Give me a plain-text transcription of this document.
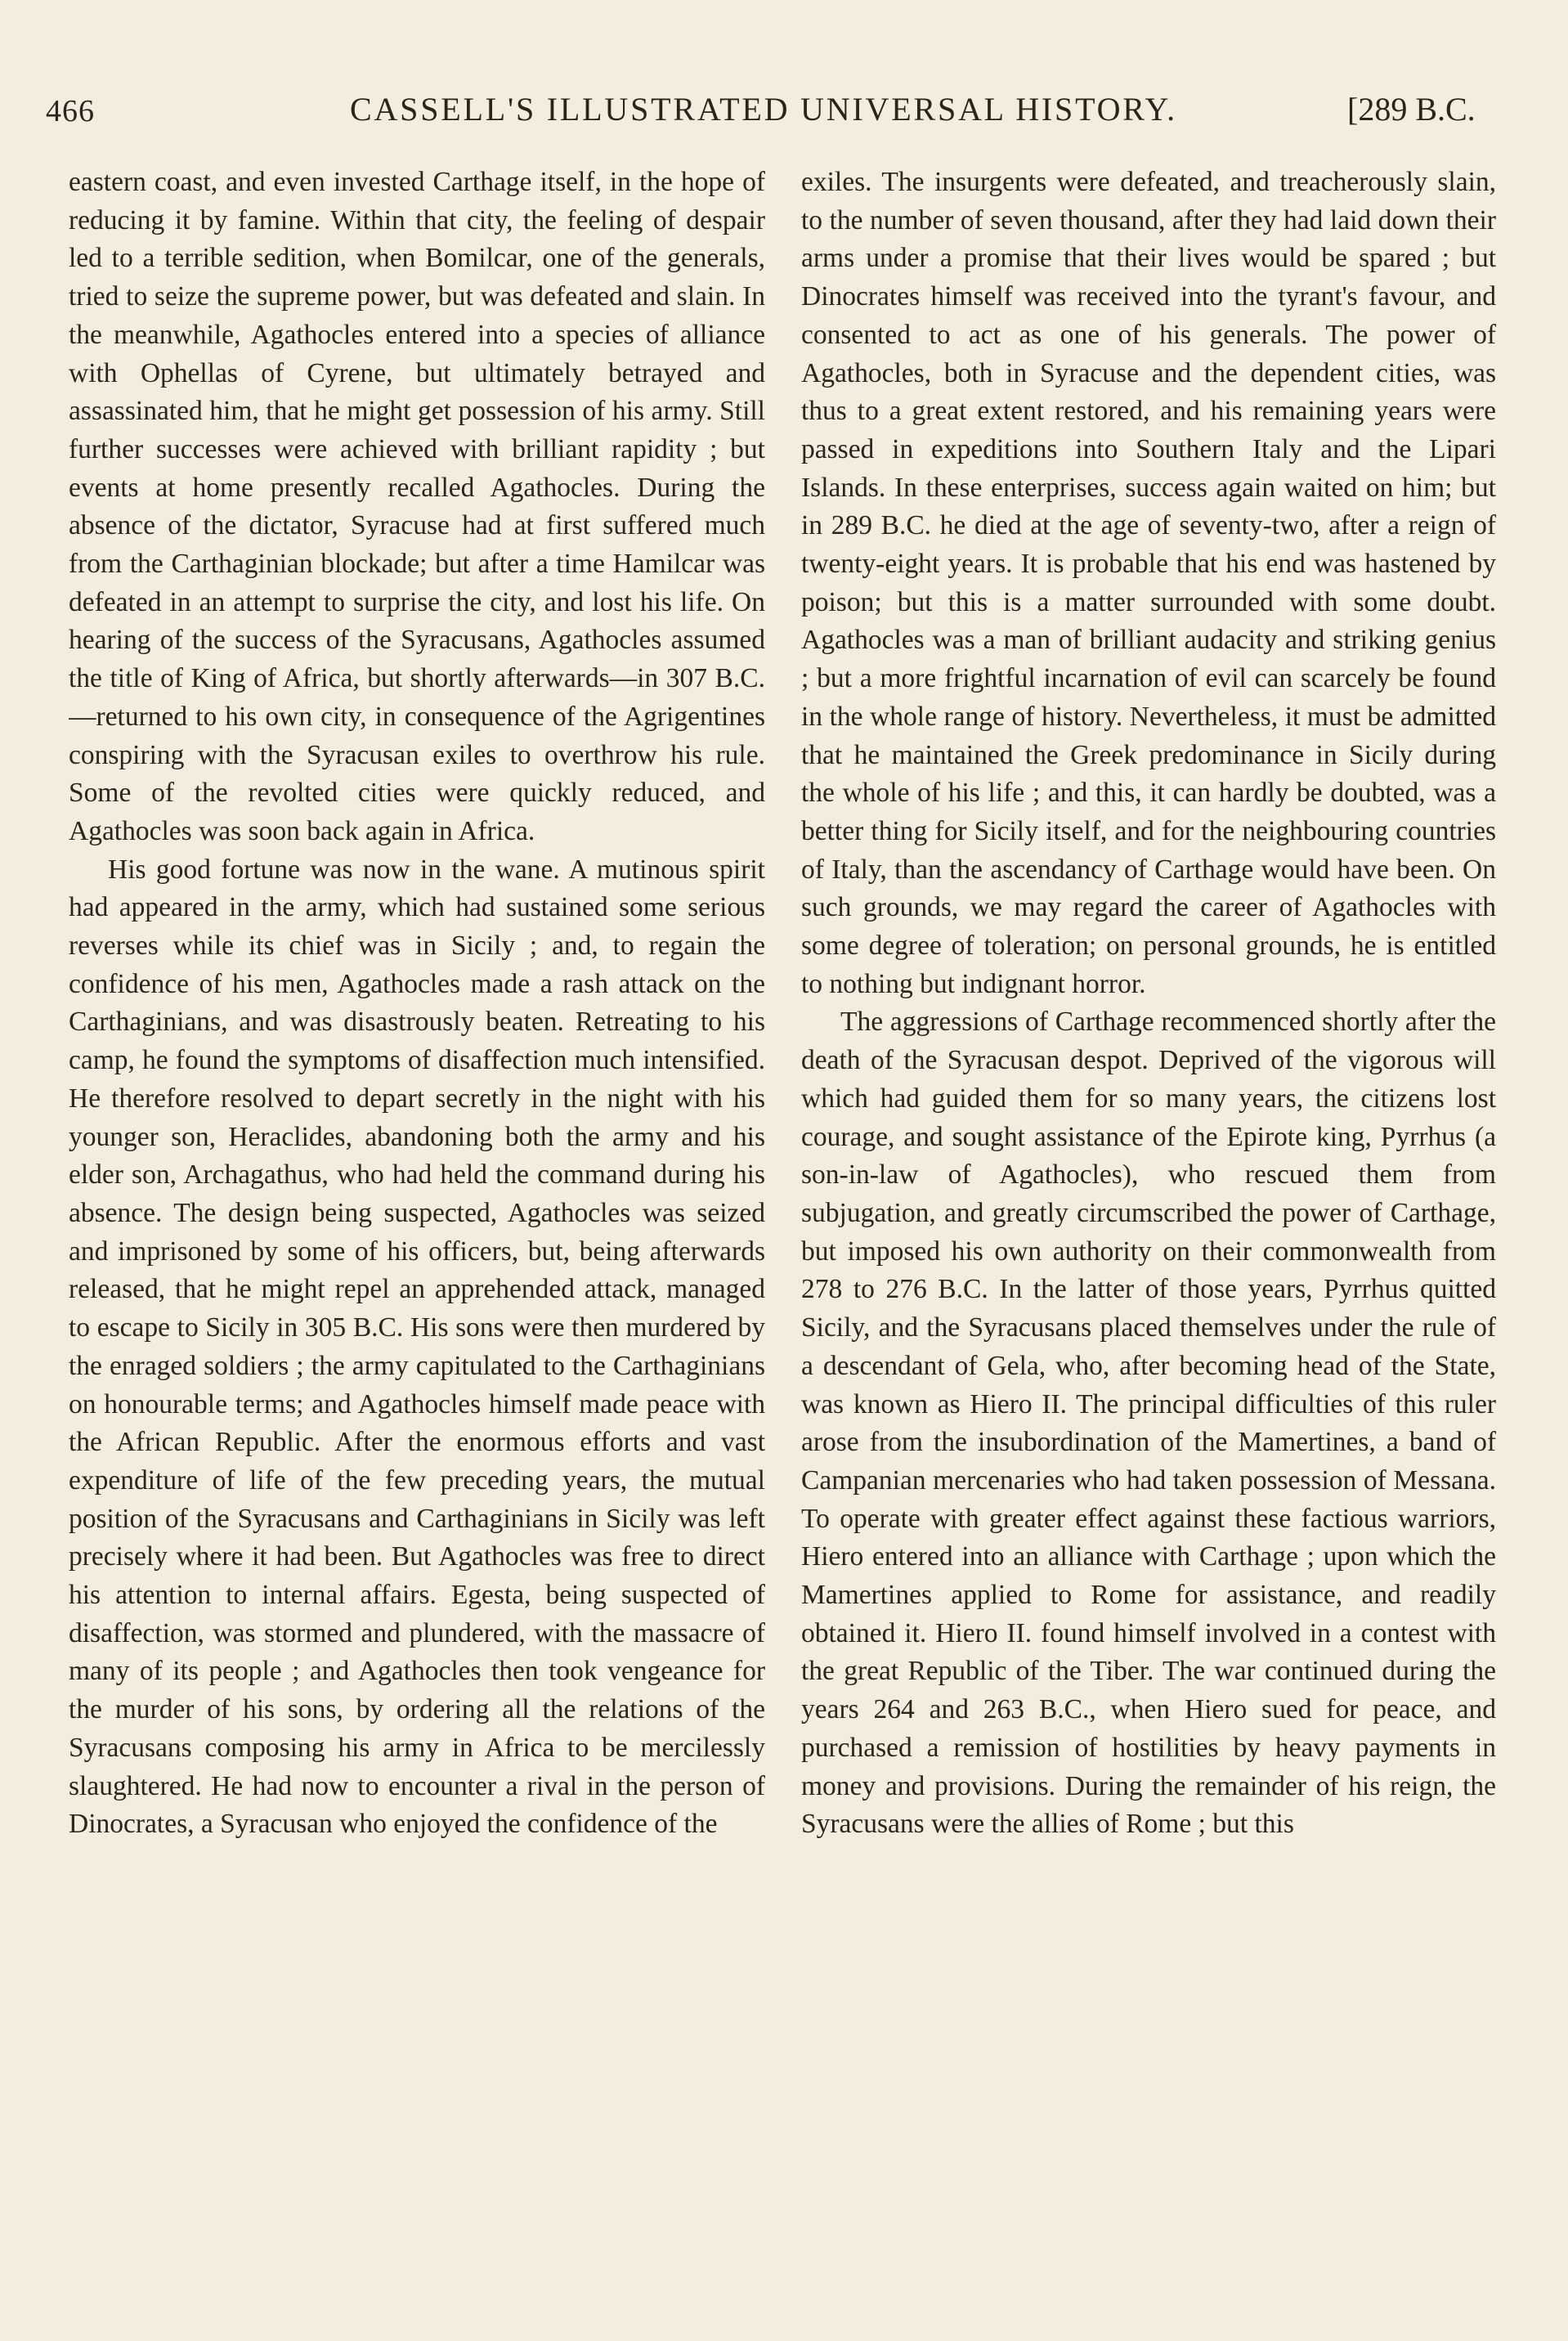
466	CASSELL'S ILLUSTRATED UNIVERSAL HISTORY.	[289 B.C.

eastern coast, and even invested Carthage itself, in the hope of reducing it by famine. Within that city, the feeling of despair led to a terrible sedition, when Bomilcar, one of the generals, tried to seize the supreme power, but was defeated and slain. In the meanwhile, Agathocles entered into a species of alliance with Ophellas of Cyrene, but ultimately betrayed and assassinated him, that he might get possession of his army. Still further successes were achieved with brilliant rapidity ; but events at home presently recalled Agathocles. During the absence of the dictator, Syracuse had at first suffered much from the Carthaginian blockade; but after a time Hamilcar was defeated in an attempt to surprise the city, and lost his life. On hearing of the success of the Syracusans, Agathocles assumed the title of King of Africa, but shortly afterwards—in 307 B.C.—returned to his own city, in consequence of the Agrigentines conspiring with the Syracusan exiles to overthrow his rule. Some of the revolted cities were quickly reduced, and Agathocles was soon back again in Africa.

His good fortune was now in the wane. A mutinous spirit had appeared in the army, which had sustained some serious reverses while its chief was in Sicily ; and, to regain the confidence of his men, Agathocles made a rash attack on the Carthaginians, and was disastrously beaten. Retreating to his camp, he found the symptoms of disaffection much intensified. He therefore resolved to depart secretly in the night with his younger son, Heraclides, abandoning both the army and his elder son, Archagathus, who had held the command during his absence. The design being suspected, Agathocles was seized and imprisoned by some of his officers, but, being afterwards released, that he might repel an apprehended attack, managed to escape to Sicily in 305 B.C. His sons were then murdered by the enraged soldiers ; the army capitulated to the Carthaginians on honourable terms; and Agathocles himself made peace with the African Republic. After the enormous efforts and vast expenditure of life of the few preceding years, the mutual position of the Syracusans and Carthaginians in Sicily was left precisely where it had been. But Agathocles was free to direct his attention to internal affairs. Egesta, being suspected of disaffection, was stormed and plundered, with the massacre of many of its people ; and Agathocles then took vengeance for the murder of his sons, by ordering all the relations of the Syracusans composing his army in Africa to be mercilessly slaughtered. He had now to encounter a rival in the person of Dinocrates, a Syracusan who enjoyed the confidence of the

exiles. The insurgents were defeated, and treacherously slain, to the number of seven thousand, after they had laid down their arms under a promise that their lives would be spared ; but Dinocrates himself was received into the tyrant's favour, and consented to act as one of his generals. The power of Agathocles, both in Syracuse and the dependent cities, was thus to a great extent restored, and his remaining years were passed in expeditions into Southern Italy and the Lipari Islands. In these enterprises, success again waited on him; but in 289 B.C. he died at the age of seventy-two, after a reign of twenty-eight years. It is probable that his end was hastened by poison; but this is a matter surrounded with some doubt. Agathocles was a man of brilliant audacity and striking genius ; but a more frightful incarnation of evil can scarcely be found in the whole range of history. Nevertheless, it must be admitted that he maintained the Greek predominance in Sicily during the whole of his life ; and this, it can hardly be doubted, was a better thing for Sicily itself, and for the neighbouring countries of Italy, than the ascendancy of Carthage would have been. On such grounds, we may regard the career of Agathocles with some degree of toleration; on personal grounds, he is entitled to nothing but indignant horror.

The aggressions of Carthage recommenced shortly after the death of the Syracusan despot. Deprived of the vigorous will which had guided them for so many years, the citizens lost courage, and sought assistance of the Epirote king, Pyrrhus (a son-in-law of Agathocles), who rescued them from subjugation, and greatly circumscribed the power of Carthage, but imposed his own authority on their commonwealth from 278 to 276 B.C. In the latter of those years, Pyrrhus quitted Sicily, and the Syracusans placed themselves under the rule of a descendant of Gela, who, after becoming head of the State, was known as Hiero II. The principal difficulties of this ruler arose from the insubordination of the Mamertines, a band of Campanian mercenaries who had taken possession of Messana. To operate with greater effect against these factious warriors, Hiero entered into an alliance with Carthage ; upon which the Mamertines applied to Rome for assistance, and readily obtained it. Hiero II. found himself involved in a contest with the great Republic of the Tiber. The war continued during the years 264 and 263 B.C., when Hiero sued for peace, and purchased a remission of hostilities by heavy payments in money and provisions. During the remainder of his reign, the Syracusans were the allies of Rome ; but this
